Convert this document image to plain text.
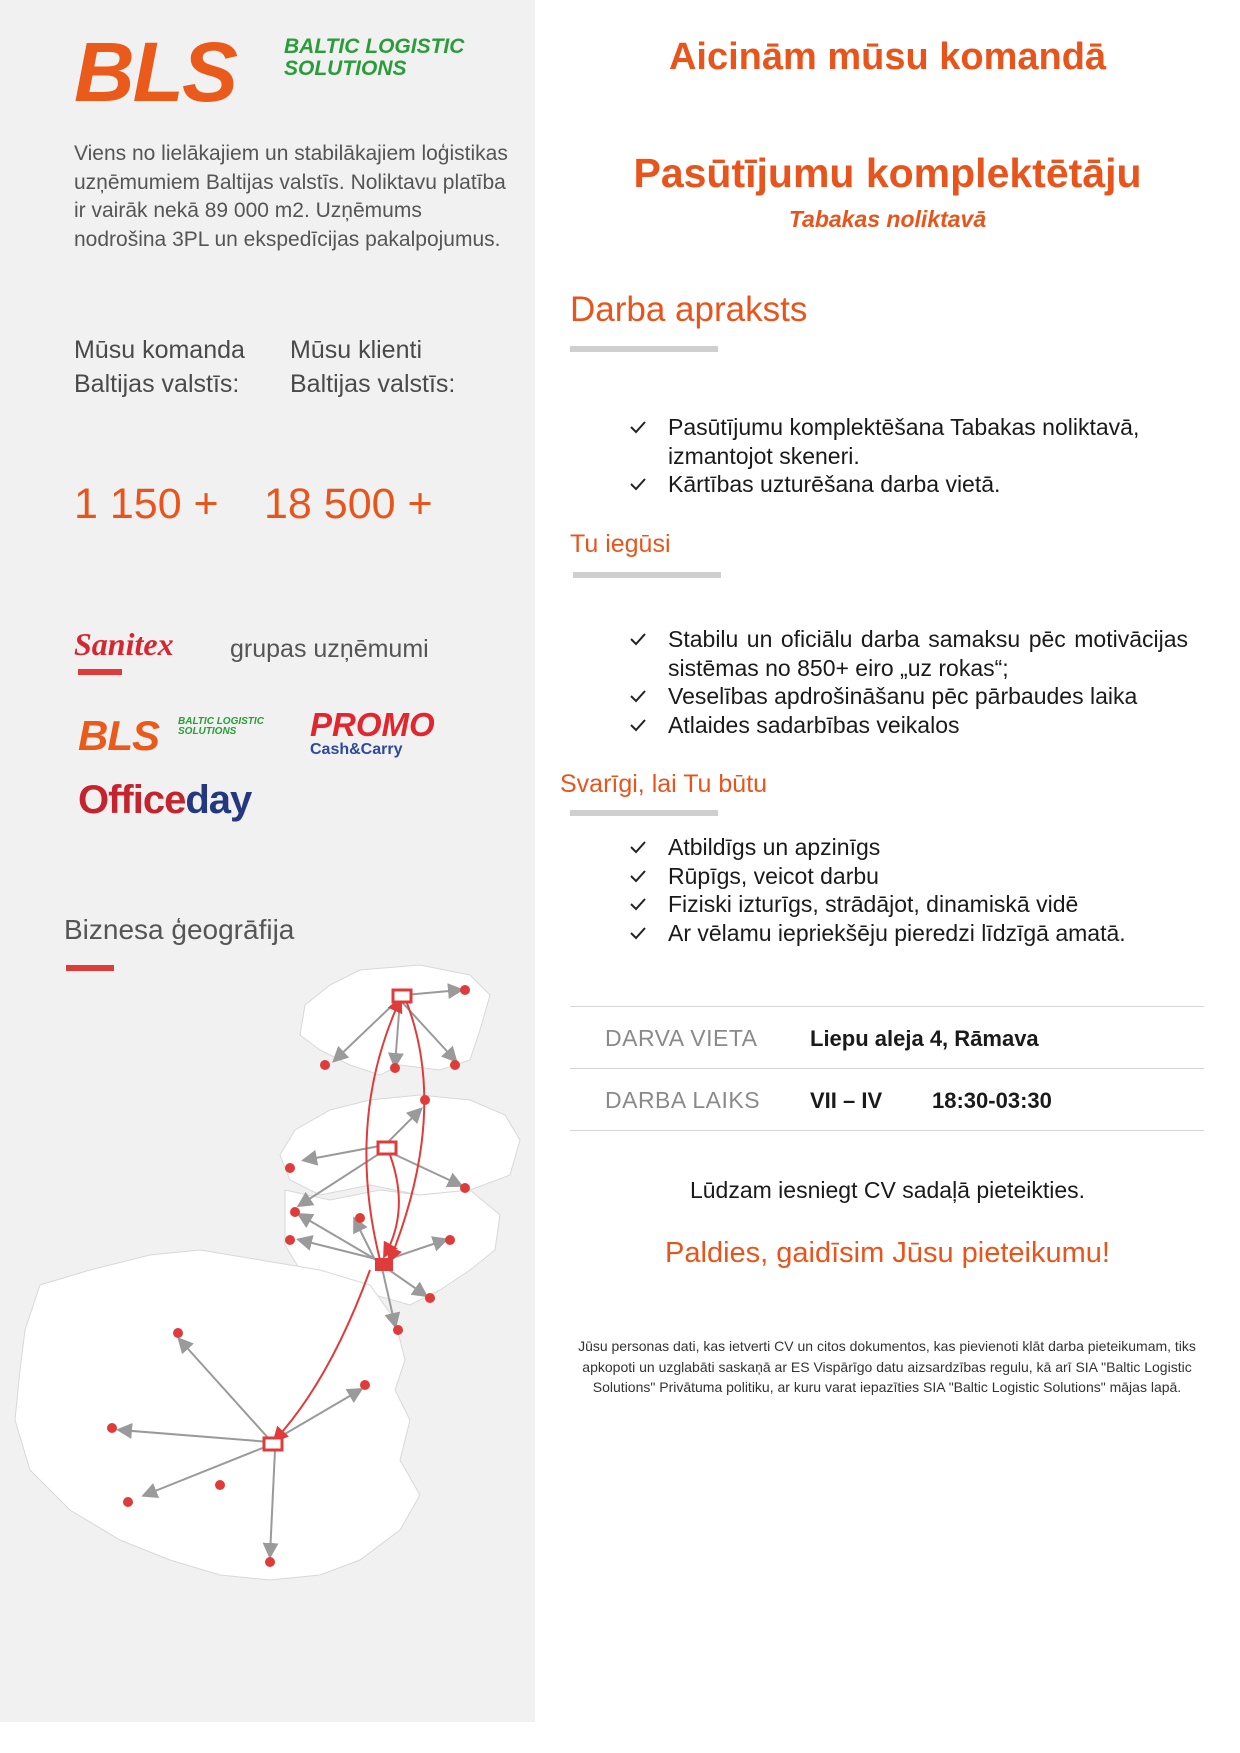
BLS BALTIC LOGISTIC
SOLUTIONS
Viens no lielākajiem un stabilākajiem loģistikas uzņēmumiem Baltijas valstīs. Noliktavu platība ir vairāk nekā 89 000 m2. Uzņēmums nodrošina 3PL un ekspedīcijas pakalpojumus.
Mūsu komanda
Baltijas valstīs:
Mūsu klienti
Baltijas valstīs:
1 150 + 18 500 +
Sanitex grupas uzņēmumi
BLS BALTIC LOGISTIC
SOLUTIONS	PROMO
Cash&Carry
Officeday
Biznesa ģeogrāfija
Aicinām mūsu komandā
Pasūtījumu komplektētāju
Tabakas noliktavā
Darba apraksts
Pasūtījumu komplektēšana Tabakas noliktavā, izmantojot skeneri.
Kārtības uzturēšana darba vietā.
Tu iegūsi
Stabilu un oficiālu darba samaksu pēc motivācijas sistēmas no 850+ eiro „uz rokas“;
Veselības apdrošināšanu pēc pārbaudes laika
Atlaides sadarbības veikalos
Svarīgi, lai Tu būtu
Atbildīgs un apzinīgs
Rūpīgs, veicot darbu
Fiziski izturīgs, strādājot, dinamiskā vidē
Ar vēlamu iepriekšēju pieredzi līdzīgā amatā.
DARVA VIETA Liepu aleja 4, Rāmava
DARBA LAIKS VII – IV 18:30-03:30
Lūdzam iesniegt CV sadaļā pieteikties.
Paldies, gaidīsim Jūsu pieteikumu!
Jūsu personas dati, kas ietverti CV un citos dokumentos, kas pievienoti klāt darba pieteikumam, tiks apkopoti un uzglabāti saskaņā ar ES Vispārīgo datu aizsardzības regulu, kā arī SIA "Baltic Logistic Solutions" Privātuma politiku, ar kuru varat iepazīties SIA "Baltic Logistic Solutions" mājas lapā.
